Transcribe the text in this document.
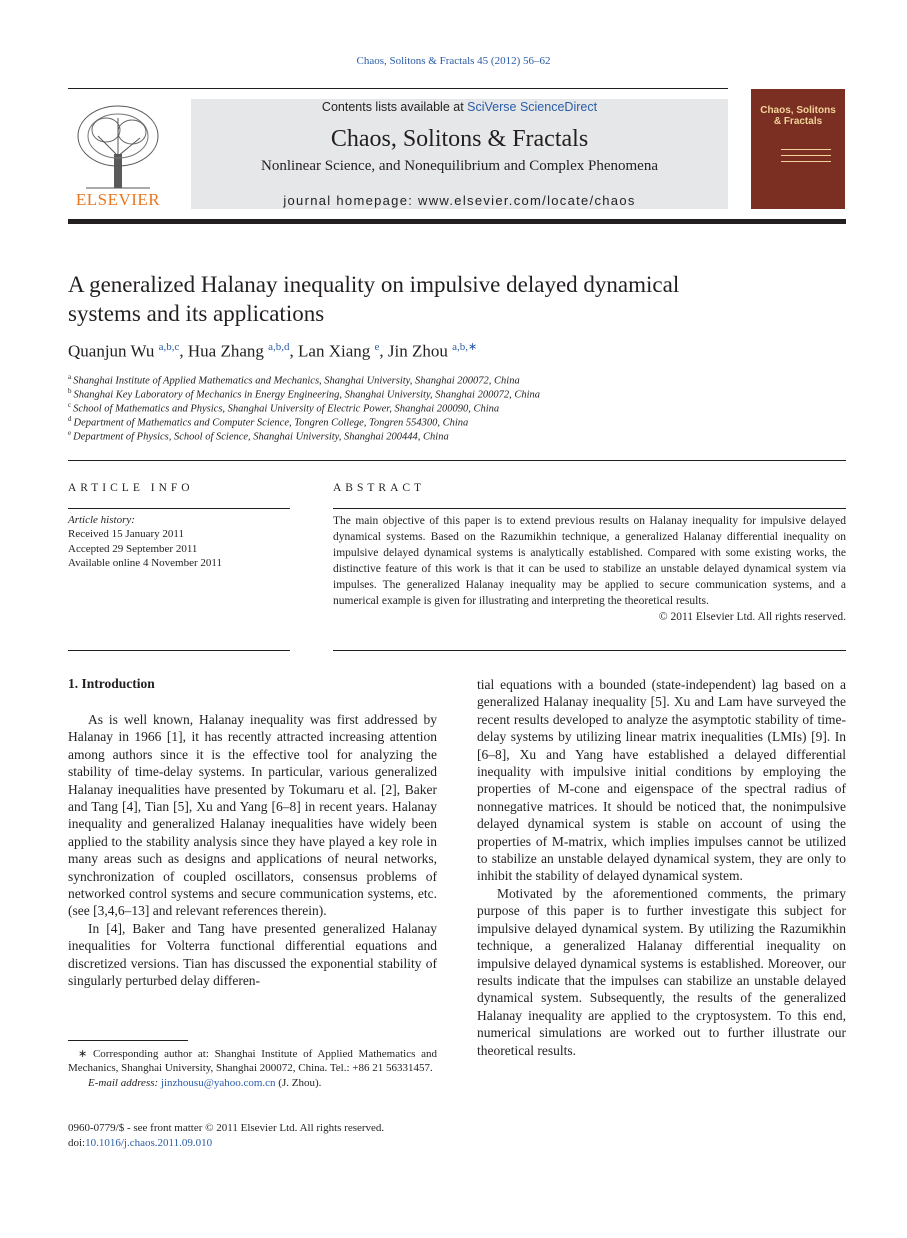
Chaos, Solitons & Fractals 45 (2012) 56–62
ELSEVIER
Contents lists available at SciVerse ScienceDirect
Chaos, Solitons & Fractals
Nonlinear Science, and Nonequilibrium and Complex Phenomena
journal homepage: www.elsevier.com/locate/chaos
Chaos, Solitons & Fractals
A generalized Halanay inequality on impulsive delayed dynamical
systems and its applications
Quanjun Wu $^{a,b,c}$, Hua Zhang $^{a,b,d}$, Lan Xiang $^e$, Jin Zhou $^{a,b,∗}$
$^a$ Shanghai Institute of Applied Mathematics and Mechanics, Shanghai University, Shanghai 200072, China
$^b$ Shanghai Key Laboratory of Mechanics in Energy Engineering, Shanghai University, Shanghai 200072, China
$^c$ School of Mathematics and Physics, Shanghai University of Electric Power, Shanghai 200090, China
$^d$ Department of Mathematics and Computer Science, Tongren College, Tongren 554300, China
$^e$ Department of Physics, School of Science, Shanghai University, Shanghai 200444, China
ARTICLE INFO
Article history:
Received 15 January 2011
Accepted 29 September 2011
Available online 4 November 2011
ABSTRACT
The main objective of this paper is to extend previous results on Halanay inequality for impulsive delayed dynamical systems. Based on the Razumikhin technique, a generalized Halanay differential inequality on impulsive delayed dynamical systems is analytically established. Compared with some existing works, the distinctive feature of this work is that it can be used to stabilize an unstable delayed dynamical system via impulses. The generalized Halanay inequality may be applied to secure communication systems, and a numerical example is given for illustrating and interpreting the theoretical results.
© 2011 Elsevier Ltd. All rights reserved.
1. Introduction

As is well known, Halanay inequality was first addressed by Halanay in 1966 [1], it has recently attracted increasing attention among authors since it is the effective tool for analyzing the stability of time-delay systems. In particular, various generalized Halanay inequalities have presented by Tokumaru et al. [2], Baker and Tang [4], Tian [5], Xu and Yang [6–8] in recent years. Halanay inequality and generalized Halanay inequalities have widely been applied to the stability analysis since they have played a key role in many areas such as designs and applications of neural networks, synchronization of coupled oscillators, consensus problems of networked control systems and secure communication systems, etc. (see [3,4,6–13] and relevant references therein).

In [4], Baker and Tang have presented generalized Halanay inequalities for Volterra functional differential equations and discretized versions. Tian has discussed the exponential stability of singularly perturbed delay differen-

tial equations with a bounded (state-independent) lag based on a generalized Halanay inequality [5]. Xu and Lam have surveyed the recent results developed to analyze the asymptotic stability of time-delay systems by utilizing linear matrix inequalities (LMIs) [9]. In [6–8], Xu and Yang have established a delayed differential inequality with impulsive initial conditions by employing the properties of M-cone and eigenspace of the spectral radius of nonnegative matrices. It should be noticed that, the nonimpulsive delayed dynamical system is stable on account of using the properties of M-matrix, which implies impulses cannot be utilized to stabilize an unstable delayed dynamical system, they are only to inhibit the stability of delayed dynamical system.

Motivated by the aforementioned comments, the primary purpose of this paper is to further investigate this subject for impulsive delayed dynamical system. By utilizing the Razumikhin technique, a generalized Halanay differential inequality on impulsive delayed dynamical systems is established. Moreover, our results indicate that the impulses can stabilize an unstable delayed dynamical system. Subsequently, the results of the generalized Halanay inequality are applied to the cryptosystem. To this end, numerical simulations are worked out to further illustrate our theoretical results.

∗ Corresponding author at: Shanghai Institute of Applied Mathematics and Mechanics, Shanghai University, Shanghai 200072, China. Tel.: +86 21 56331457.
E-mail address: jinzhousu@yahoo.com.cn (J. Zhou).
0960-0779/$ - see front matter © 2011 Elsevier Ltd. All rights reserved.
doi:10.1016/j.chaos.2011.09.010
